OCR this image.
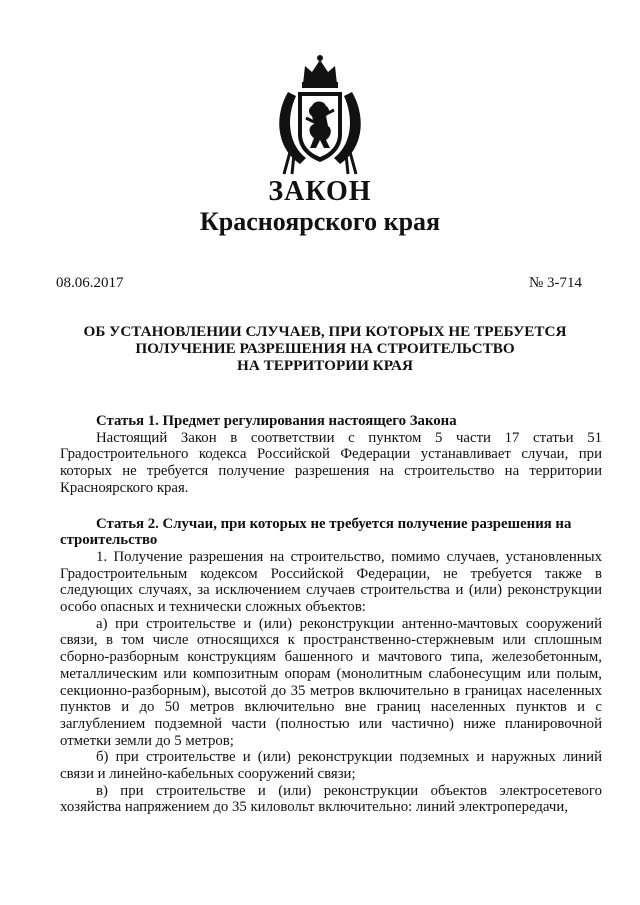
ЗАКОН
Красноярского края
08.06.2017	№ 3-714
ОБ УСТАНОВЛЕНИИ СЛУЧАЕВ, ПРИ КОТОРЫХ НЕ ТРЕБУЕТСЯ
ПОЛУЧЕНИЕ РАЗРЕШЕНИЯ НА СТРОИТЕЛЬСТВО
НА ТЕРРИТОРИИ КРАЯ

Статья 1. Предмет регулирования настоящего Закона

Настоящий Закон в соответствии с пунктом 5 части 17 статьи 51 Градостроительного кодекса Российской Федерации устанавливает случаи, при которых не требуется получение разрешения на строительство на территории Красноярского края.

Статья 2. Случаи, при которых не требуется получение разрешения на строительство

1. Получение разрешения на строительство, помимо случаев, установленных Градостроительным кодексом Российской Федерации, не требуется также в следующих случаях, за исключением случаев строительства и (или) реконструкции особо опасных и технически сложных объектов:

а) при строительстве и (или) реконструкции антенно-мачтовых сооружений связи, в том числе относящихся к пространственно-стержневым или сплошным сборно-разборным конструкциям башенного и мачтового типа, железобетонным, металлическим или композитным опорам (монолитным слабонесущим или полым, секционно-разборным), высотой до 35 метров включительно в границах населенных пунктов и до 50 метров включительно вне границ населенных пунктов и с заглублением подземной части (полностью или частично) ниже планировочной отметки земли до 5 метров;

б) при строительстве и (или) реконструкции подземных и наружных линий связи и линейно-кабельных сооружений связи;

в) при строительстве и (или) реконструкции объектов электросетевого хозяйства напряжением до 35 киловольт включительно: линий электропередачи,
